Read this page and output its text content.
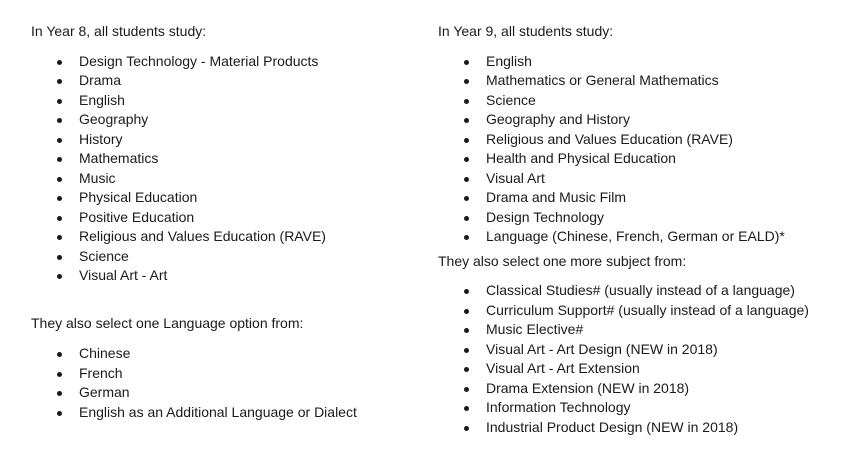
In Year 8, all students study:

Design Technology - Material Products
Drama
English
Geography
History
Mathematics
Music
Physical Education
Positive Education
Religious and Values Education (RAVE)
Science
Visual Art - Art

They also select one Language option from:

Chinese
French
German
English as an Additional Language or Dialect

In Year 9, all students study:

English
Mathematics or General Mathematics
Science
Geography and History
Religious and Values Education (RAVE)
Health and Physical Education
Visual Art
Drama and Music Film
Design Technology
Language (Chinese, French, German or EALD)*

They also select one more subject from:

Classical Studies# (usually instead of a language)
Curriculum Support# (usually instead of a language)
Music Elective#
Visual Art - Art Design (NEW in 2018)
Visual Art - Art Extension
Drama Extension (NEW in 2018)
Information Technology
Industrial Product Design (NEW in 2018)
